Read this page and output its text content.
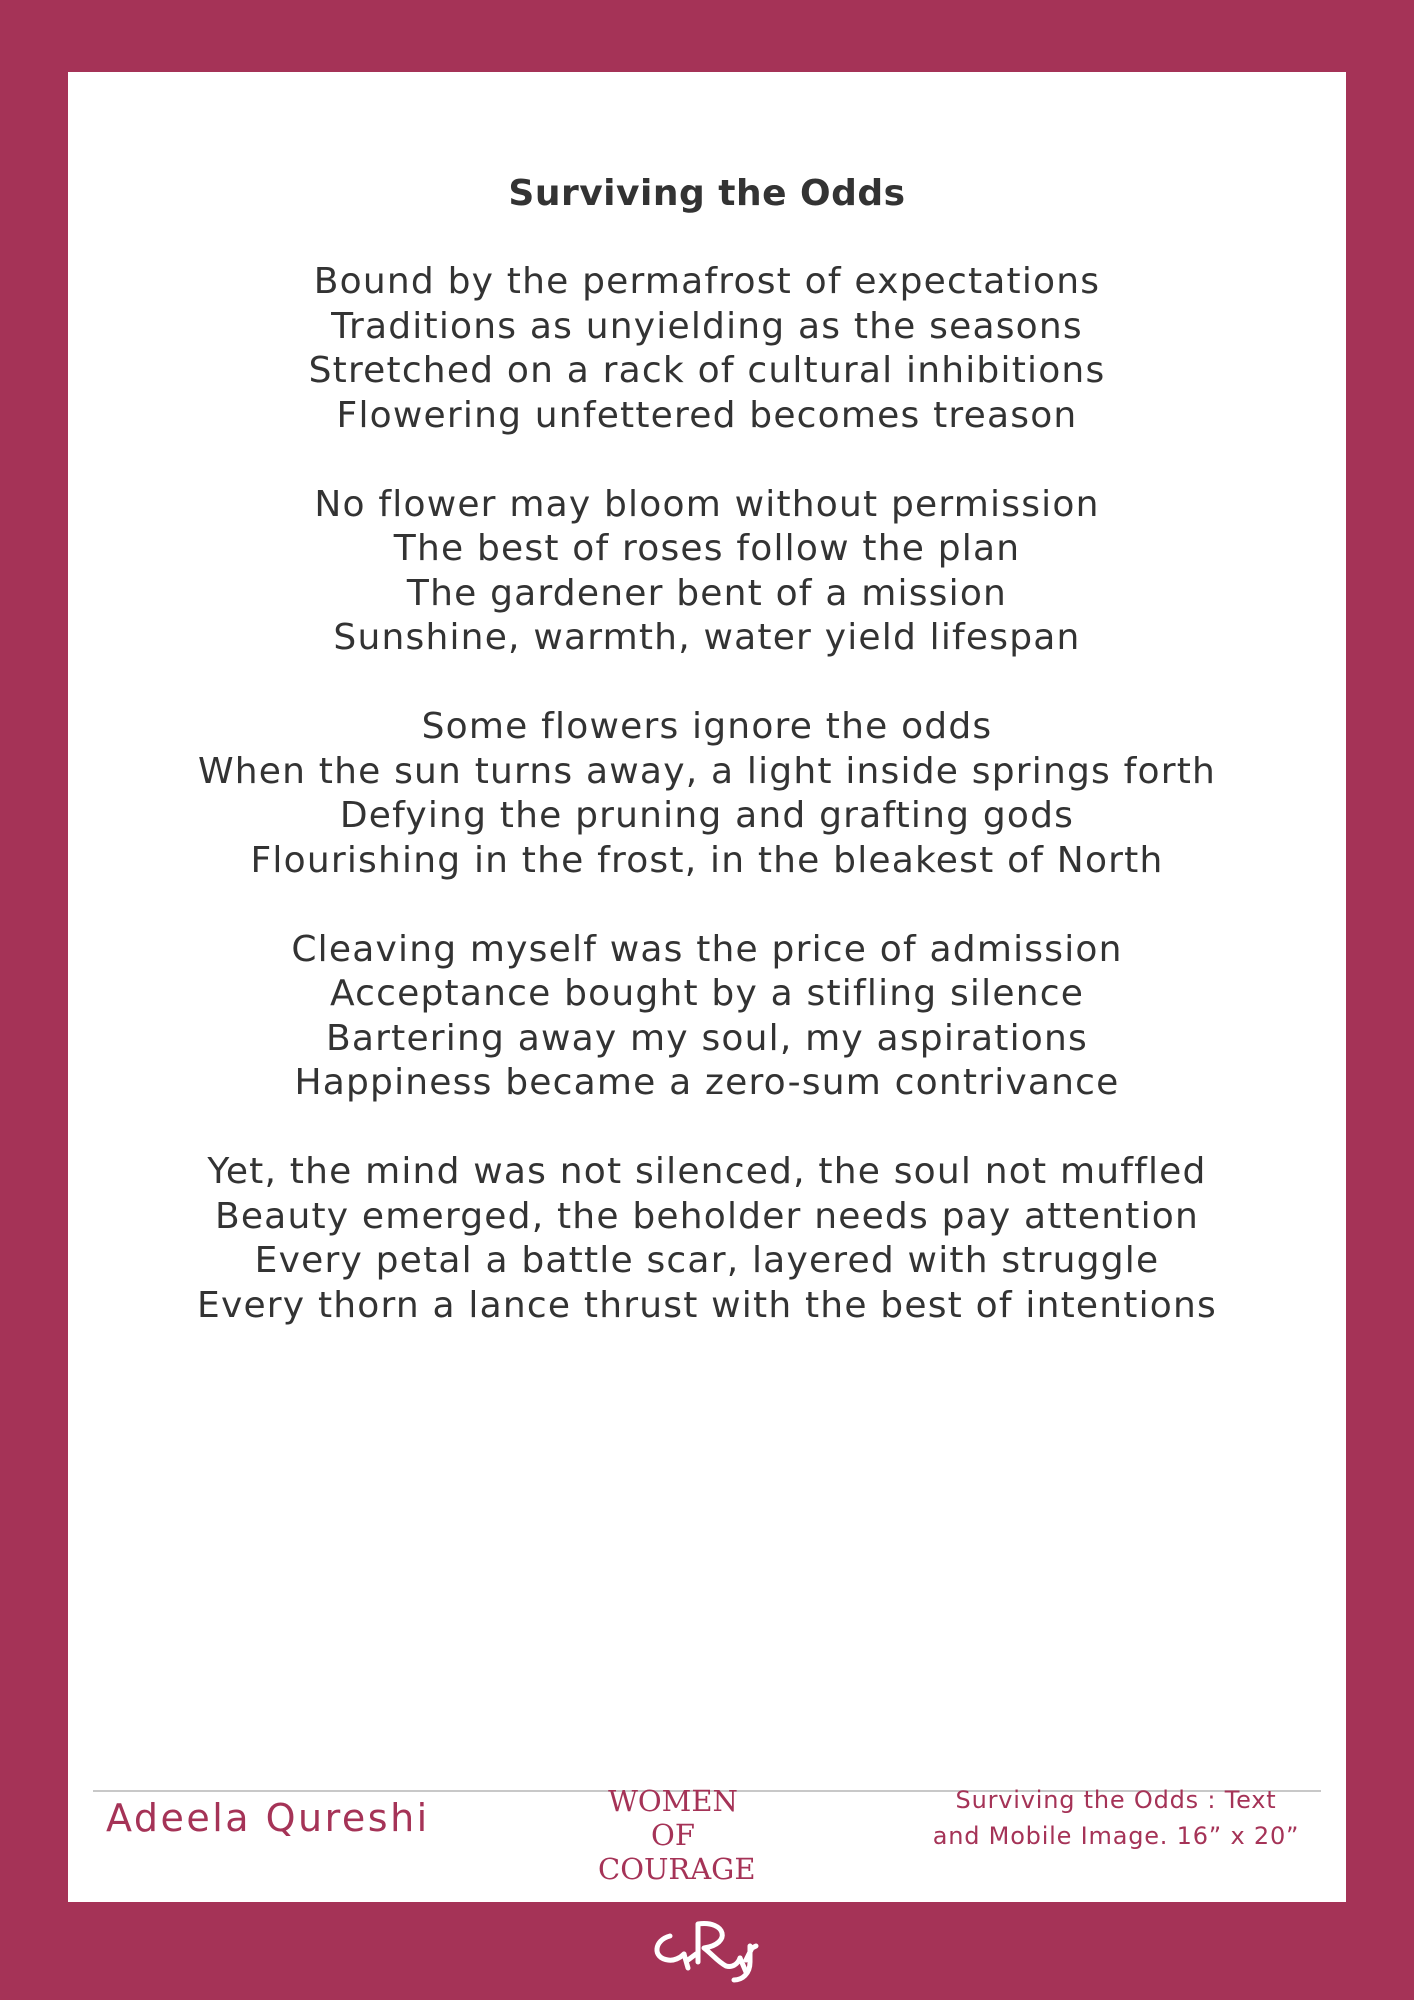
Surviving the Odds
Bound by the permafrost of expectations
Traditions as unyielding as the seasons
Stretched on a rack of cultural inhibitions
Flowering unfettered becomes treason
No flower may bloom without permission
The best of roses follow the plan
The gardener bent of a mission
Sunshine, warmth, water yield lifespan
Some flowers ignore the odds
When the sun turns away, a light inside springs forth
Defying the pruning and grafting gods
Flourishing in the frost, in the bleakest of North
Cleaving myself was the price of admission
Acceptance bought by a stifling silence
Bartering away my soul, my aspirations
Happiness became a zero-sum contrivance
Yet, the mind was not silenced, the soul not muffled
Beauty emerged, the beholder needs pay attention
Every petal a battle scar, layered with struggle
Every thorn a lance thrust with the best of intentions
Adeela Qureshi	WOMEN OF
COURAGE
Surviving the Odds : Text
and Mobile Image. 16” x 20”
